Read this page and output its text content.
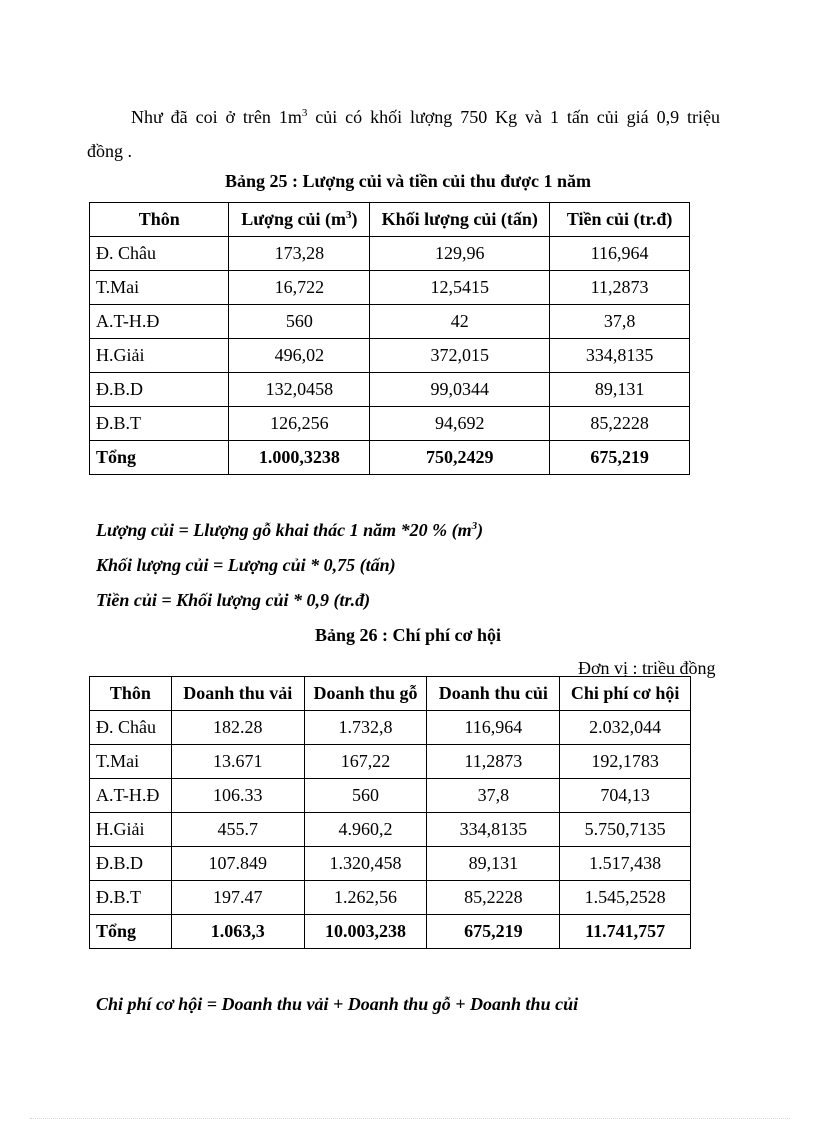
Như đã coi ở trên $1m^3$ củi có khối lượng 750 Kg và 1 tấn củi giá 0,9 triệu
đồng .

Bảng 25 : Lượng củi và tiền củi thu được 1 năm

Thôn	Lượng củi $(m^3)$	Khối lượng củi (tấn)	Tiền củi (tr.đ)
Đ. Châu	173,28	129,96	116,964
T.Mai	16,722	12,5415	11,2873
A.T-H.Đ	560	42	37,8
H.Giải	496,02	372,015	334,8135
Đ.B.D	132,0458	99,0344	89,131
Đ.B.T	126,256	94,692	85,2228
Tổng	1.000,3238	750,2429	675,219

Lượng củi = Llượng gỗ khai thác 1 năm *20 % $(m^3)$

Khối lượng củi = Lượng củi * 0,75 (tấn)

Tiền củi = Khối lượng củi * 0,9 (tr.đ)

Bảng 26 : Chí phí cơ hội

Đơn vị : triều đồng

Thôn	Doanh thu vải	Doanh thu gỗ	Doanh thu củi	Chi phí cơ hội
Đ. Châu	182.28	1.732,8	116,964	2.032,044
T.Mai	13.671	167,22	11,2873	192,1783
A.T-H.Đ	106.33	560	37,8	704,13
H.Giải	455.7	4.960,2	334,8135	5.750,7135
Đ.B.D	107.849	1.320,458	89,131	1.517,438
Đ.B.T	197.47	1.262,56	85,2228	1.545,2528
Tổng	1.063,3	10.003,238	675,219	11.741,757

Chi phí cơ hội = Doanh thu vải + Doanh thu gỗ + Doanh thu củi
